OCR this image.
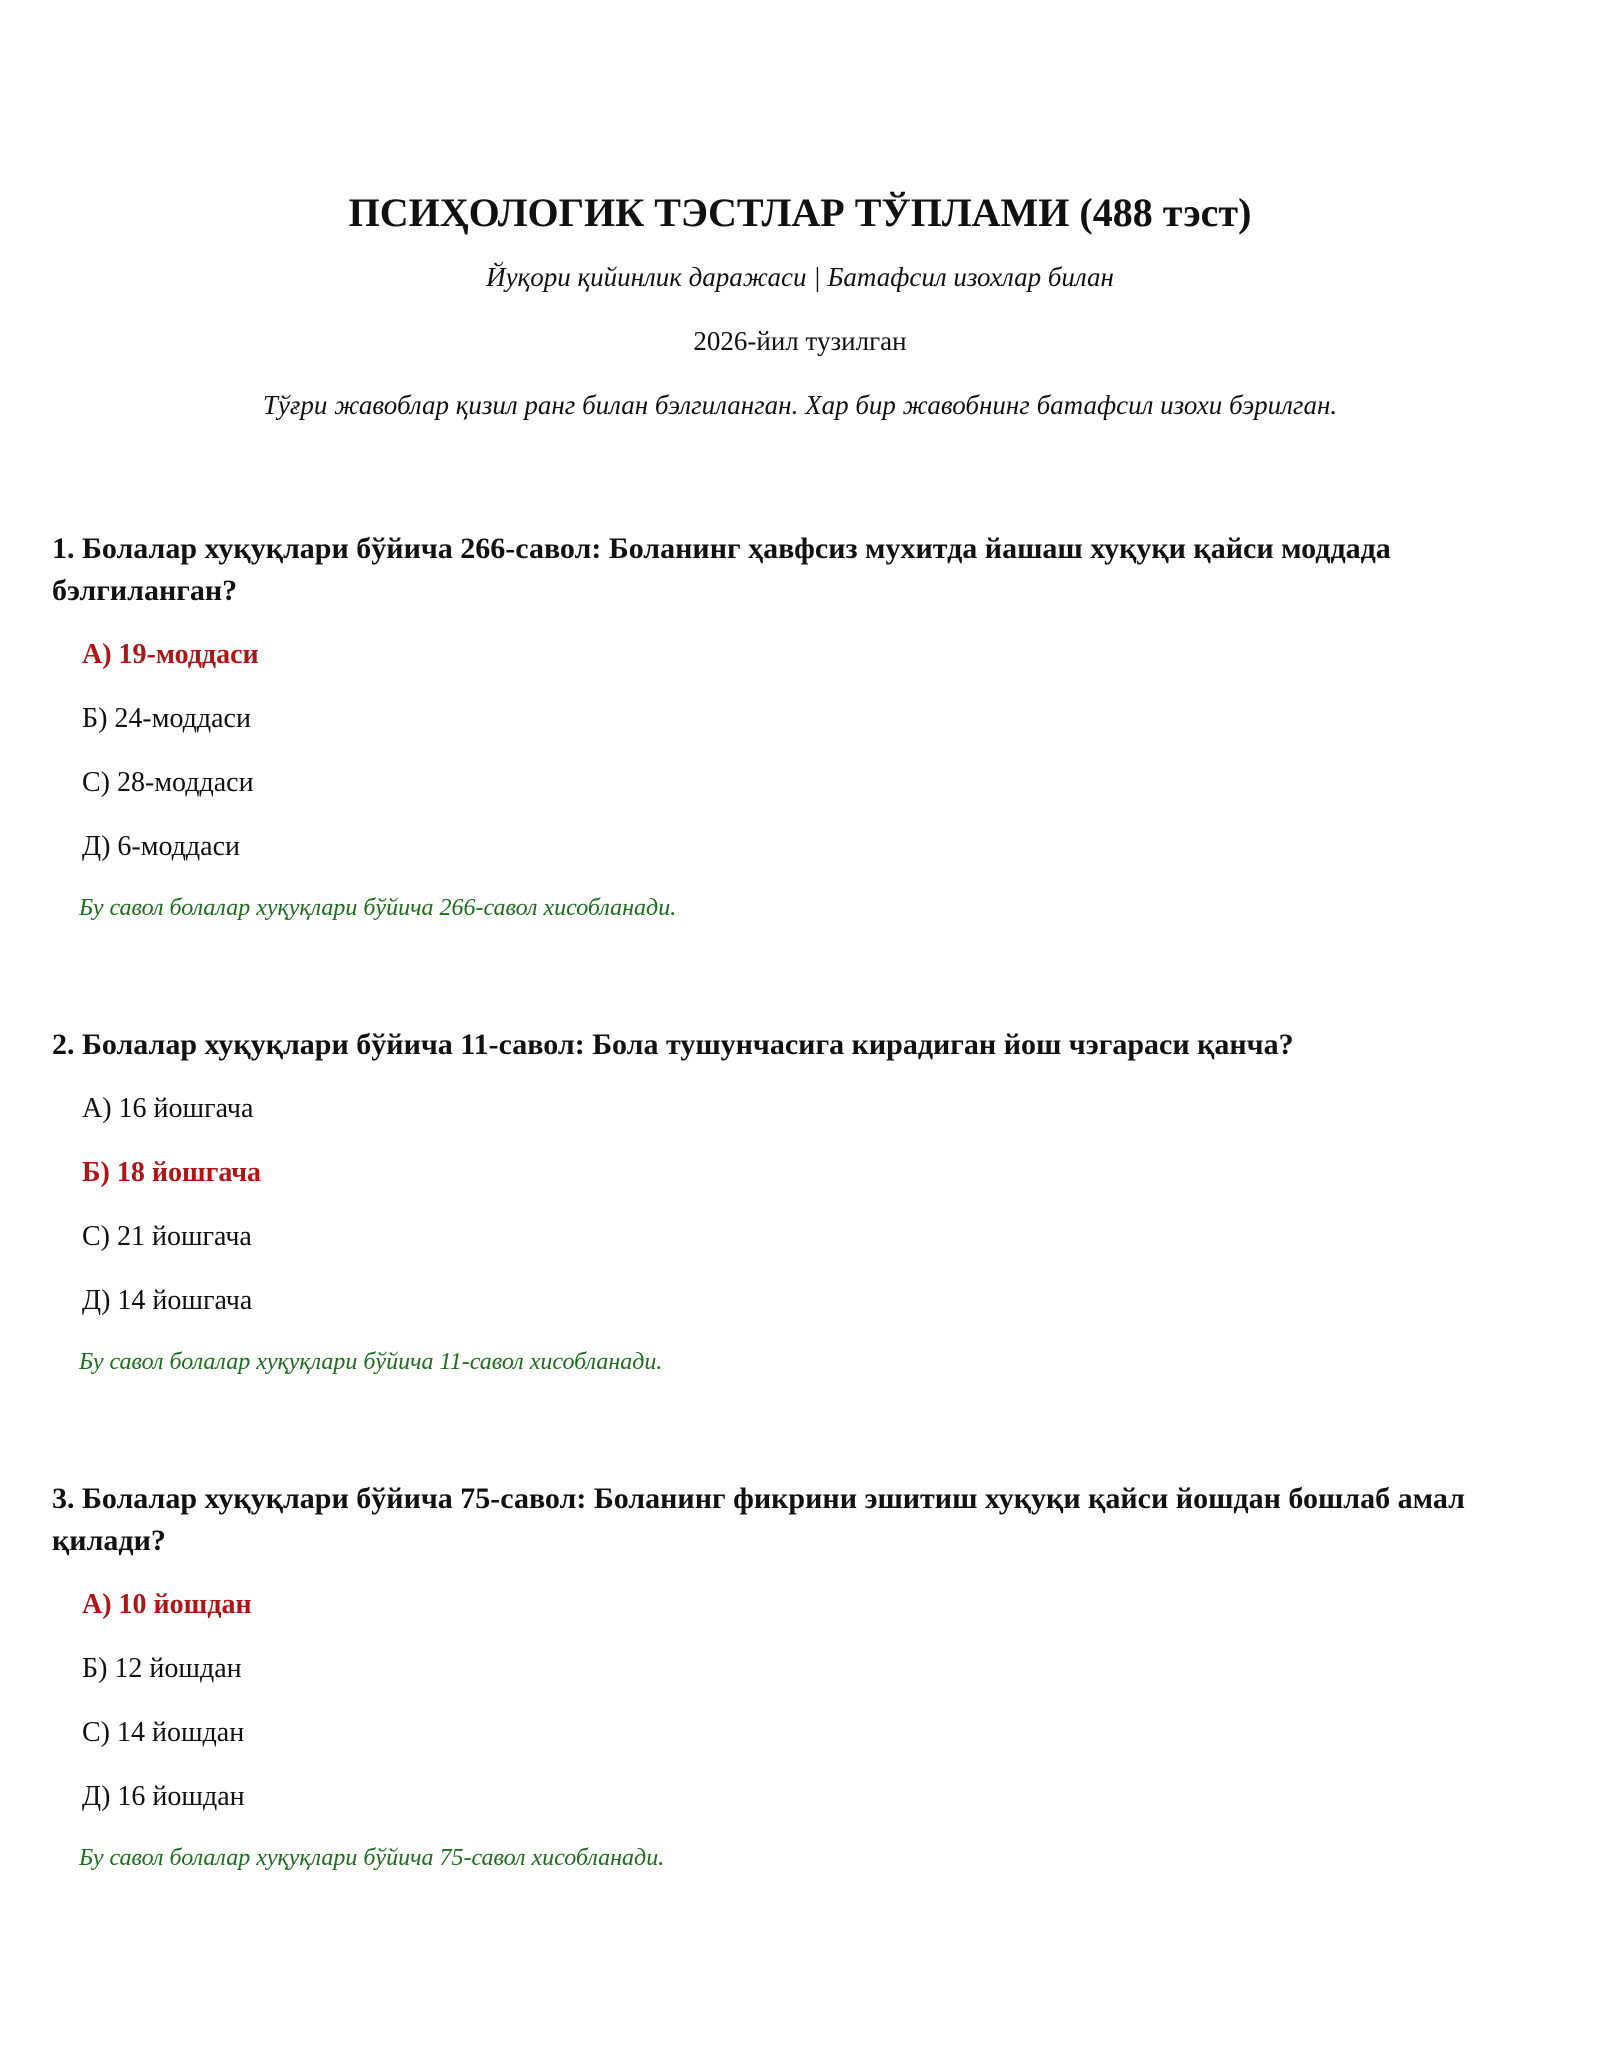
ПСИҲОЛОГИК ТЭСТЛАР ТЎПЛАМИ (488 тэст)

Йуқори қийинлик даражаси | Батафсил изохлар билан

2026-йил тузилган

Тўғри жавоблар қизил ранг билан бэлгиланган. Хар бир жавобнинг батафсил изохи бэрилган.

1. Болалар хуқуқлари бўйича 266-савол: Боланинг ҳавфсиз мухитда йашаш хуқуқи қайси моддада бэлгиланган?

А) 19-моддаси
Б) 24-моддаси
С) 28-моддаси
Д) 6-моддаси

Бу савол болалар хуқуқлари бўйича 266-савол хисобланади.

2. Болалар хуқуқлари бўйича 11-савол: Бола тушунчасига кирадиган йош чэгараси қанча?

А) 16 йошгача
Б) 18 йошгача
С) 21 йошгача
Д) 14 йошгача

Бу савол болалар хуқуқлари бўйича 11-савол хисобланади.

3. Болалар хуқуқлари бўйича 75-савол: Боланинг фикрини эшитиш хуқуқи қайси йошдан бошлаб амал қилади?

А) 10 йошдан
Б) 12 йошдан
С) 14 йошдан
Д) 16 йошдан

Бу савол болалар хуқуқлари бўйича 75-савол хисобланади.
